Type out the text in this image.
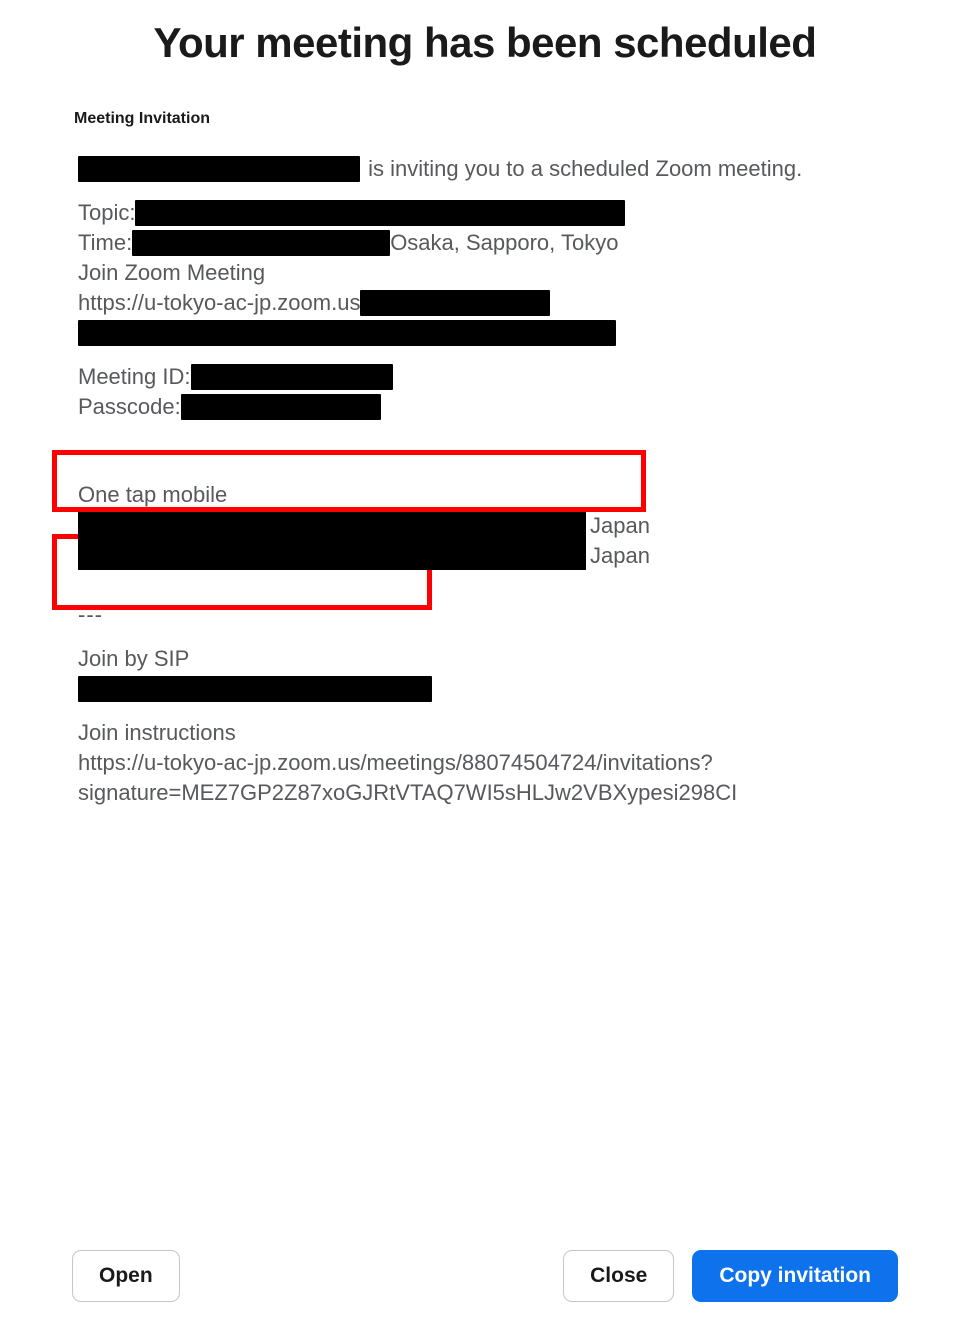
Your meeting has been scheduled
Meeting Invitation
is inviting you to a scheduled Zoom meeting.
Topic:
Time:	Osaka, Sapporo, Tokyo
Join Zoom Meeting
https://u-tokyo-ac-jp.zoom.us
Meeting ID:
Passcode:
---
One tap mobile
Japan
Japan
---
Join by SIP
Join instructions
https://u-tokyo-ac-jp.zoom.us/meetings/88074504724/invitations?
signature=MEZ7GP2Z87xoGJRtVTAQ7WI5sHLJw2VBXypesi298CI
Open	Close	Copy invitation
